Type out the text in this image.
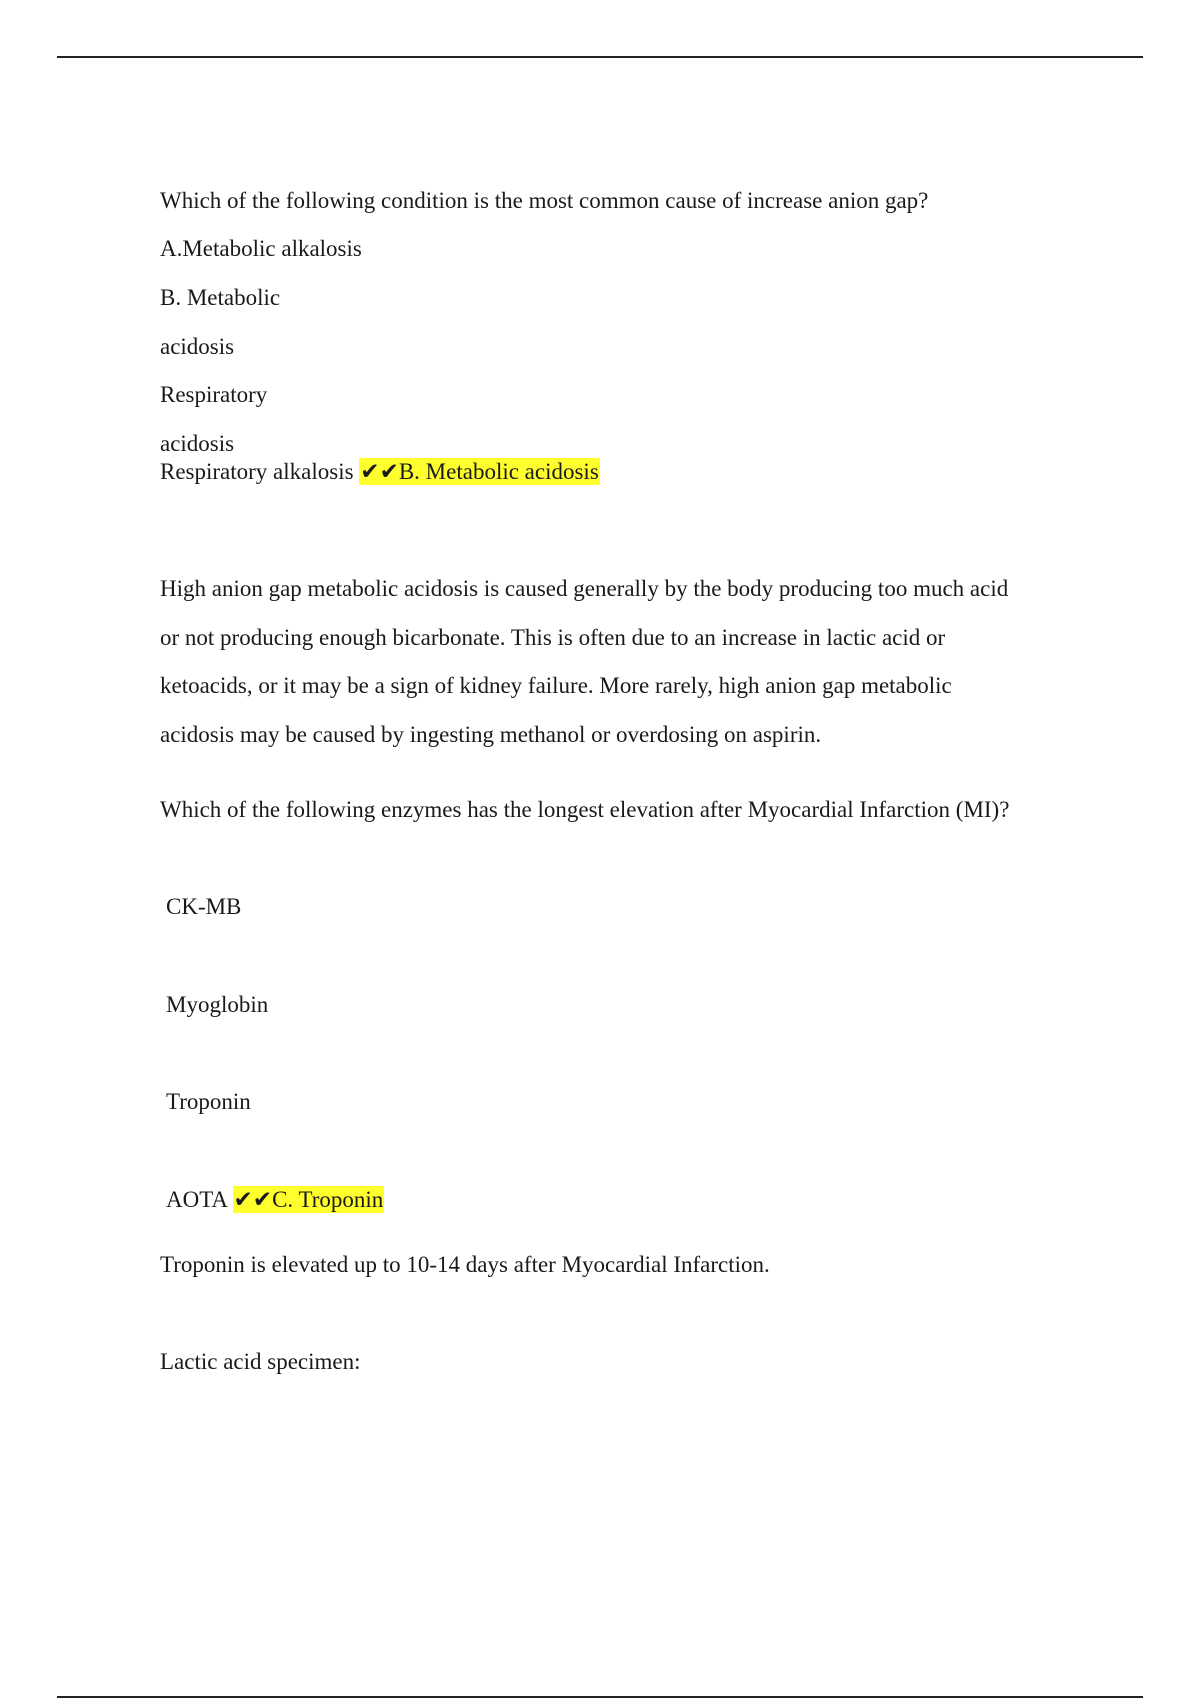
Which of the following condition is the most common cause of increase anion gap?
A.Metabolic alkalosis
B. Metabolic
acidosis
Respiratory
acidosis
Respiratory alkalosis ✔✔B. Metabolic acidosis
High anion gap metabolic acidosis is caused generally by the body producing too much acid
or not producing enough bicarbonate. This is often due to an increase in lactic acid or
ketoacids, or it may be a sign of kidney failure. More rarely, high anion gap metabolic
acidosis may be caused by ingesting methanol or overdosing on aspirin.
Which of the following enzymes has the longest elevation after Myocardial Infarction (MI)?
CK-MB
Myoglobin
Troponin
AOTA ✔✔C. Troponin
Troponin is elevated up to 10-14 days after Myocardial Infarction.
Lactic acid specimen:
